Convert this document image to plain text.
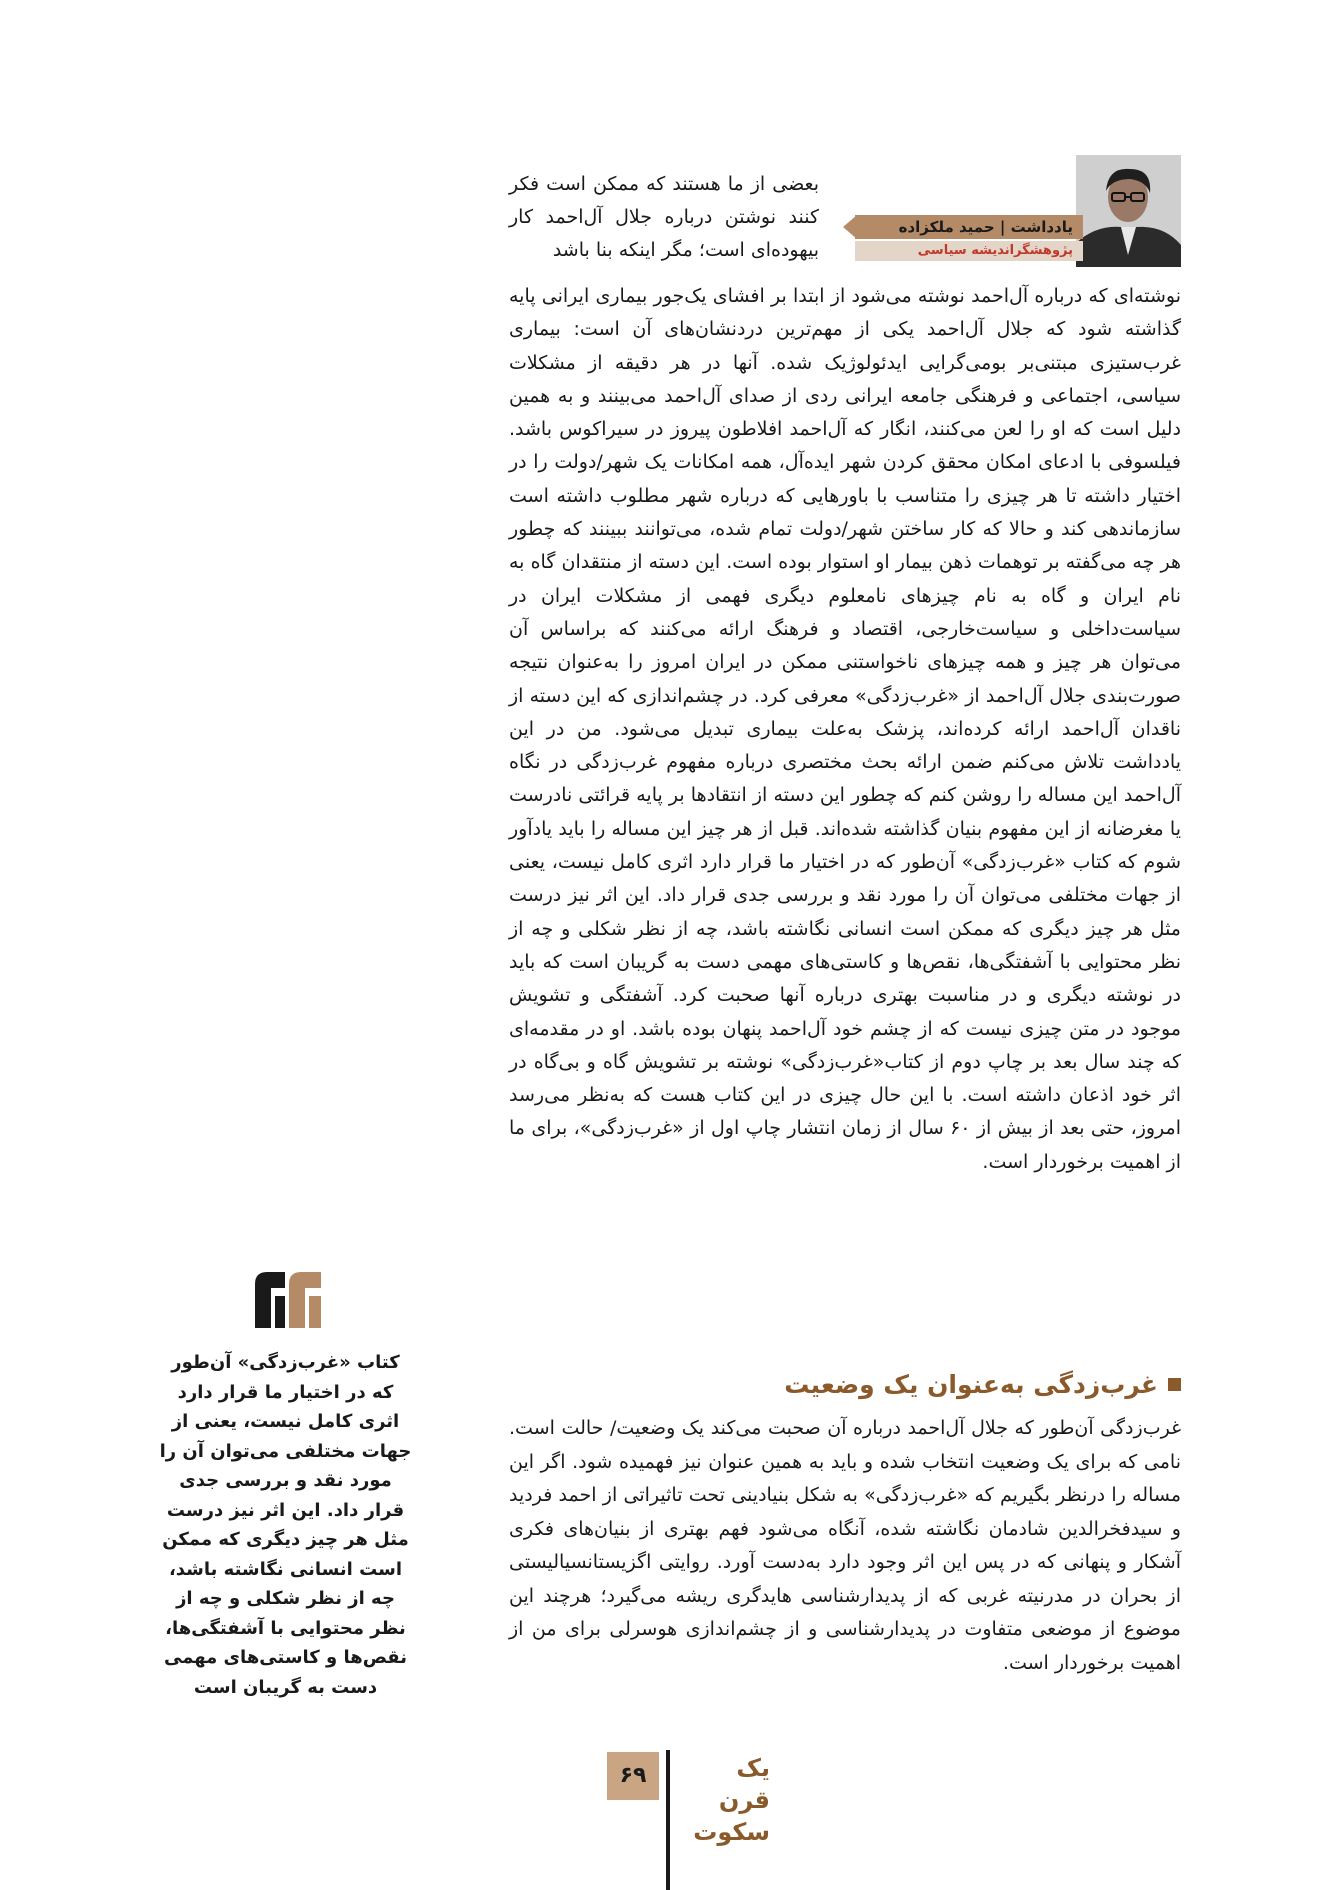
یادداشت | حمید ملکزاده
پژوهشگراندیشه سیاسی
بعضی از ما هستند که ممکن است فکر کنند نوشتن درباره جلال آل‌احمد کار بیهوده‌ای است؛ مگر اینکه بنا باشد

نوشته‌ای که درباره آل‌احمد نوشته می‌شود از ابتدا بر افشای یک‌جور بیماری ایرانی پایه گذاشته شود که جلال آل‌احمد یکی از مهم‌ترین دردنشان‌های آن است: بیماری غرب‌ستیزی مبتنی‌بر بومی‌گرایی ایدئولوژیک شده. آنها در هر دقیقه از مشکلات سیاسی، اجتماعی و فرهنگی جامعه ایرانی ردی از صدای آل‌احمد می‌بینند و به همین دلیل است که او را لعن می‌کنند، انگار که آل‌احمد افلاطون پیروز در سیراکوس باشد. فیلسوفی با ادعای امکان محقق کردن شهر ایده‌آل، همه امکانات یک شهر/دولت را در اختیار داشته تا هر چیزی را متناسب با باورهایی که درباره شهر مطلوب داشته است سازماندهی کند و حالا که کار ساختن شهر/دولت تمام شده، می‌توانند ببینند که چطور هر چه می‌گفته بر توهمات ذهن بیمار او استوار بوده است. این دسته از منتقدان گاه به نام ایران و گاه به نام چیزهای نامعلوم دیگری فهمی از مشکلات ایران در سیاست‌داخلی و سیاست‌خارجی، اقتصاد و فرهنگ ارائه می‌کنند که براساس آن می‌توان هر چیز و همه چیزهای ناخواستنی ممکن در ایران امروز را به‌عنوان نتیجه صورت‌بندی جلال آل‌احمد از «غرب‌زدگی» معرفی کرد. در چشم‌اندازی که این دسته از ناقدان آل‌احمد ارائه کرده‌اند، پزشک به‌علت بیماری تبدیل می‌شود. من در این یادداشت تلاش می‌کنم ضمن ارائه بحث مختصری درباره مفهوم غرب‌زدگی در نگاه آل‌احمد این مساله را روشن کنم که چطور این دسته از انتقادها بر پایه قرائتی نادرست یا مغرضانه از این مفهوم بنیان گذاشته شده‌اند. قبل از هر چیز این مساله را باید یادآور شوم که کتاب «غرب‌زدگی» آن‌طور که در اختیار ما قرار دارد اثری کامل نیست، یعنی از جهات مختلفی می‌توان آن را مورد نقد و بررسی جدی قرار داد. این اثر نیز درست مثل هر چیز دیگری که ممکن است انسانی نگاشته باشد، چه از نظر شکلی و چه از نظر محتوایی با آشفتگی‌ها، نقص‌ها و کاستی‌های مهمی دست به گریبان است که باید در نوشته دیگری و در مناسبت بهتری درباره آنها صحبت کرد. آشفتگی و تشویش موجود در متن چیزی نیست که از چشم خود آل‌احمد پنهان بوده باشد. او در مقدمه‌ای که چند سال بعد بر چاپ دوم از کتاب«غرب‌زدگی» نوشته بر تشویش گاه و بی‌گاه در اثر خود اذعان داشته است. با این حال چیزی در این کتاب هست که به‌نظر می‌رسد امروز، حتی بعد از بیش از ۶۰ سال از زمان انتشار چاپ اول از «غرب‌زدگی»، برای ما از اهمیت برخوردار است.

غرب‌زدگی به‌عنوان یک وضعیت

غرب‌زدگی آن‌طور که جلال آل‌احمد درباره آن صحبت می‌کند یک وضعیت/ حالت است. نامی که برای یک وضعیت انتخاب شده و باید به همین عنوان نیز فهمیده شود. اگر این مساله را درنظر بگیریم که «غرب‌زدگی» به شکل بنیادینی تحت تاثیراتی از احمد فردید و سیدفخرالدین شادمان نگاشته شده، آنگاه می‌شود فهم بهتری از بنیان‌های فکری آشکار و پنهانی که در پس این اثر وجود دارد به‌دست آورد. روایتی اگزیستانسیالیستی از بحران در مدرنیته غربی که از پدیدارشناسی هایدگری ریشه می‌گیرد؛ هرچند این موضوع از موضعی متفاوت در پدیدارشناسی و از چشم‌اندازی هوسرلی برای من از اهمیت برخوردار است.

کتاب «غرب‌زدگی» آن‌طور که در اختیار ما قرار دارد اثری کامل نیست، یعنی از جهات مختلفی می‌توان آن را مورد نقد و بررسی جدی قرار داد. این اثر نیز درست مثل هر چیز دیگری که ممکن است انسانی نگاشته باشد، چه از نظر شکلی و چه از نظر محتوایی با آشفتگی‌ها، نقص‌ها و کاستی‌های مهمی دست به گریبان است
۶۹	یک قرن
سکوت
